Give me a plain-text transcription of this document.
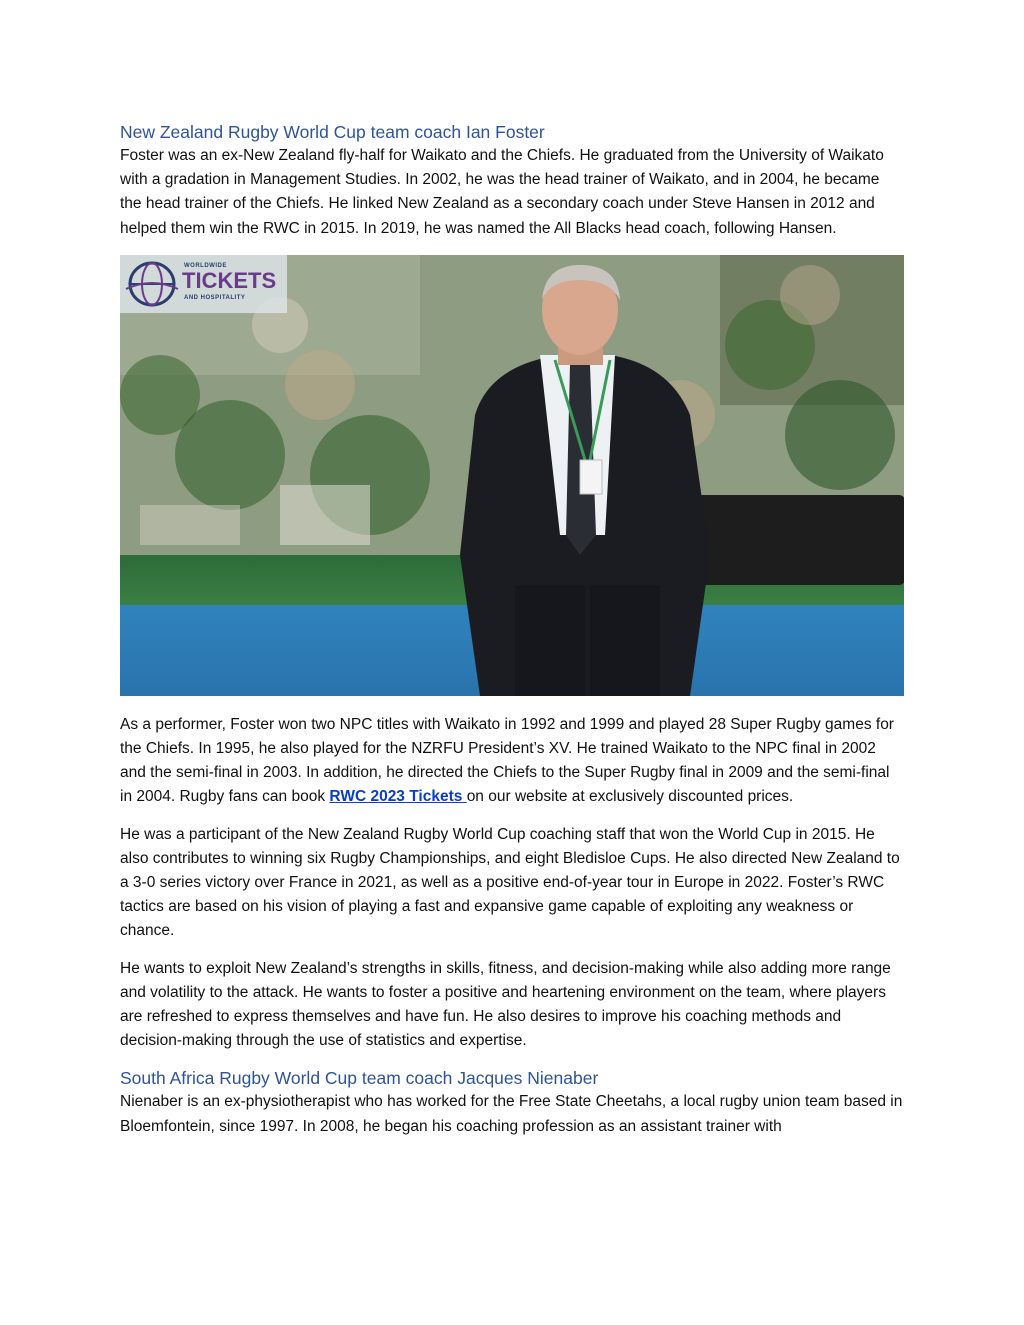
New Zealand Rugby World Cup team coach Ian Foster

Foster was an ex-New Zealand fly-half for Waikato and the Chiefs. He graduated from the University of Waikato with a gradation in Management Studies. In 2002, he was the head trainer of Waikato, and in 2004, he became the head trainer of the Chiefs. He linked New Zealand as a secondary coach under Steve Hansen in 2012 and helped them win the RWC in 2015. In 2019, he was named the All Blacks head coach, following Hansen.

WORLDWIDE
TICKETS
AND HOSPITALITY

As a performer, Foster won two NPC titles with Waikato in 1992 and 1999 and played 28 Super Rugby games for the Chiefs. In 1995, he also played for the NZRFU President’s XV. He trained Waikato to the NPC final in 2002 and the semi-final in 2003. In addition, he directed the Chiefs to the Super Rugby final in 2009 and the semi-final in 2004. Rugby fans can book RWC 2023 Tickets on our website at exclusively discounted prices.

He was a participant of the New Zealand Rugby World Cup coaching staff that won the World Cup in 2015. He also contributes to winning six Rugby Championships, and eight Bledisloe Cups. He also directed New Zealand to a 3-0 series victory over France in 2021, as well as a positive end-of-year tour in Europe in 2022. Foster’s RWC tactics are based on his vision of playing a fast and expansive game capable of exploiting any weakness or chance.

He wants to exploit New Zealand’s strengths in skills, fitness, and decision-making while also adding more range and volatility to the attack. He wants to foster a positive and heartening environment on the team, where players are refreshed to express themselves and have fun. He also desires to improve his coaching methods and decision-making through the use of statistics and expertise.

South Africa Rugby World Cup team coach Jacques Nienaber

Nienaber is an ex-physiotherapist who has worked for the Free State Cheetahs, a local rugby union team based in Bloemfontein, since 1997. In 2008, he began his coaching profession as an assistant trainer with
